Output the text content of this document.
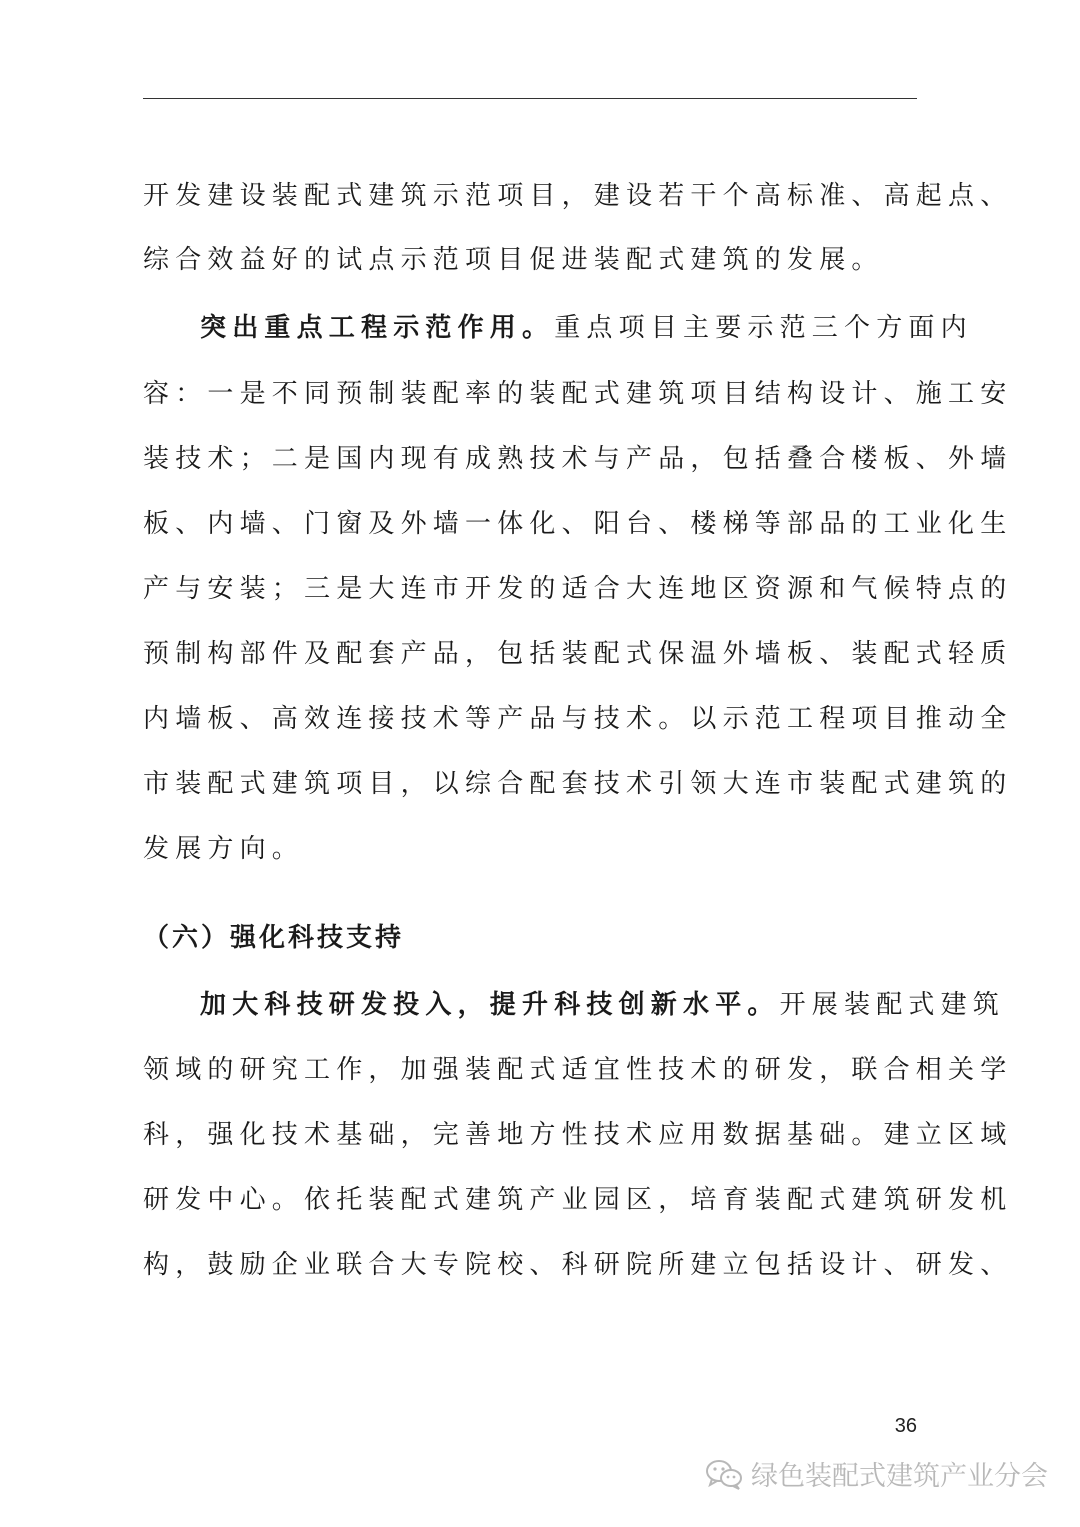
开发建设装配式建筑示范项目，建设若干个高标准、高起点、
综合效益好的试点示范项目促进装配式建筑的发展。
突出重点工程示范作用。重点项目主要示范三个方面内
容：一是不同预制装配率的装配式建筑项目结构设计、施工安
装技术；二是国内现有成熟技术与产品，包括叠合楼板、外墙
板、内墙、门窗及外墙一体化、阳台、楼梯等部品的工业化生
产与安装；三是大连市开发的适合大连地区资源和气候特点的
预制构部件及配套产品，包括装配式保温外墙板、装配式轻质
内墙板、高效连接技术等产品与技术。以示范工程项目推动全
市装配式建筑项目，以综合配套技术引领大连市装配式建筑的
发展方向。
（六）强化科技支持
加大科技研发投入，提升科技创新水平。开展装配式建筑
领域的研究工作，加强装配式适宜性技术的研发，联合相关学
科，强化技术基础，完善地方性技术应用数据基础。建立区域
研发中心。依托装配式建筑产业园区，培育装配式建筑研发机
构，鼓励企业联合大专院校、科研院所建立包括设计、研发、
36
绿色装配式建筑产业分会
